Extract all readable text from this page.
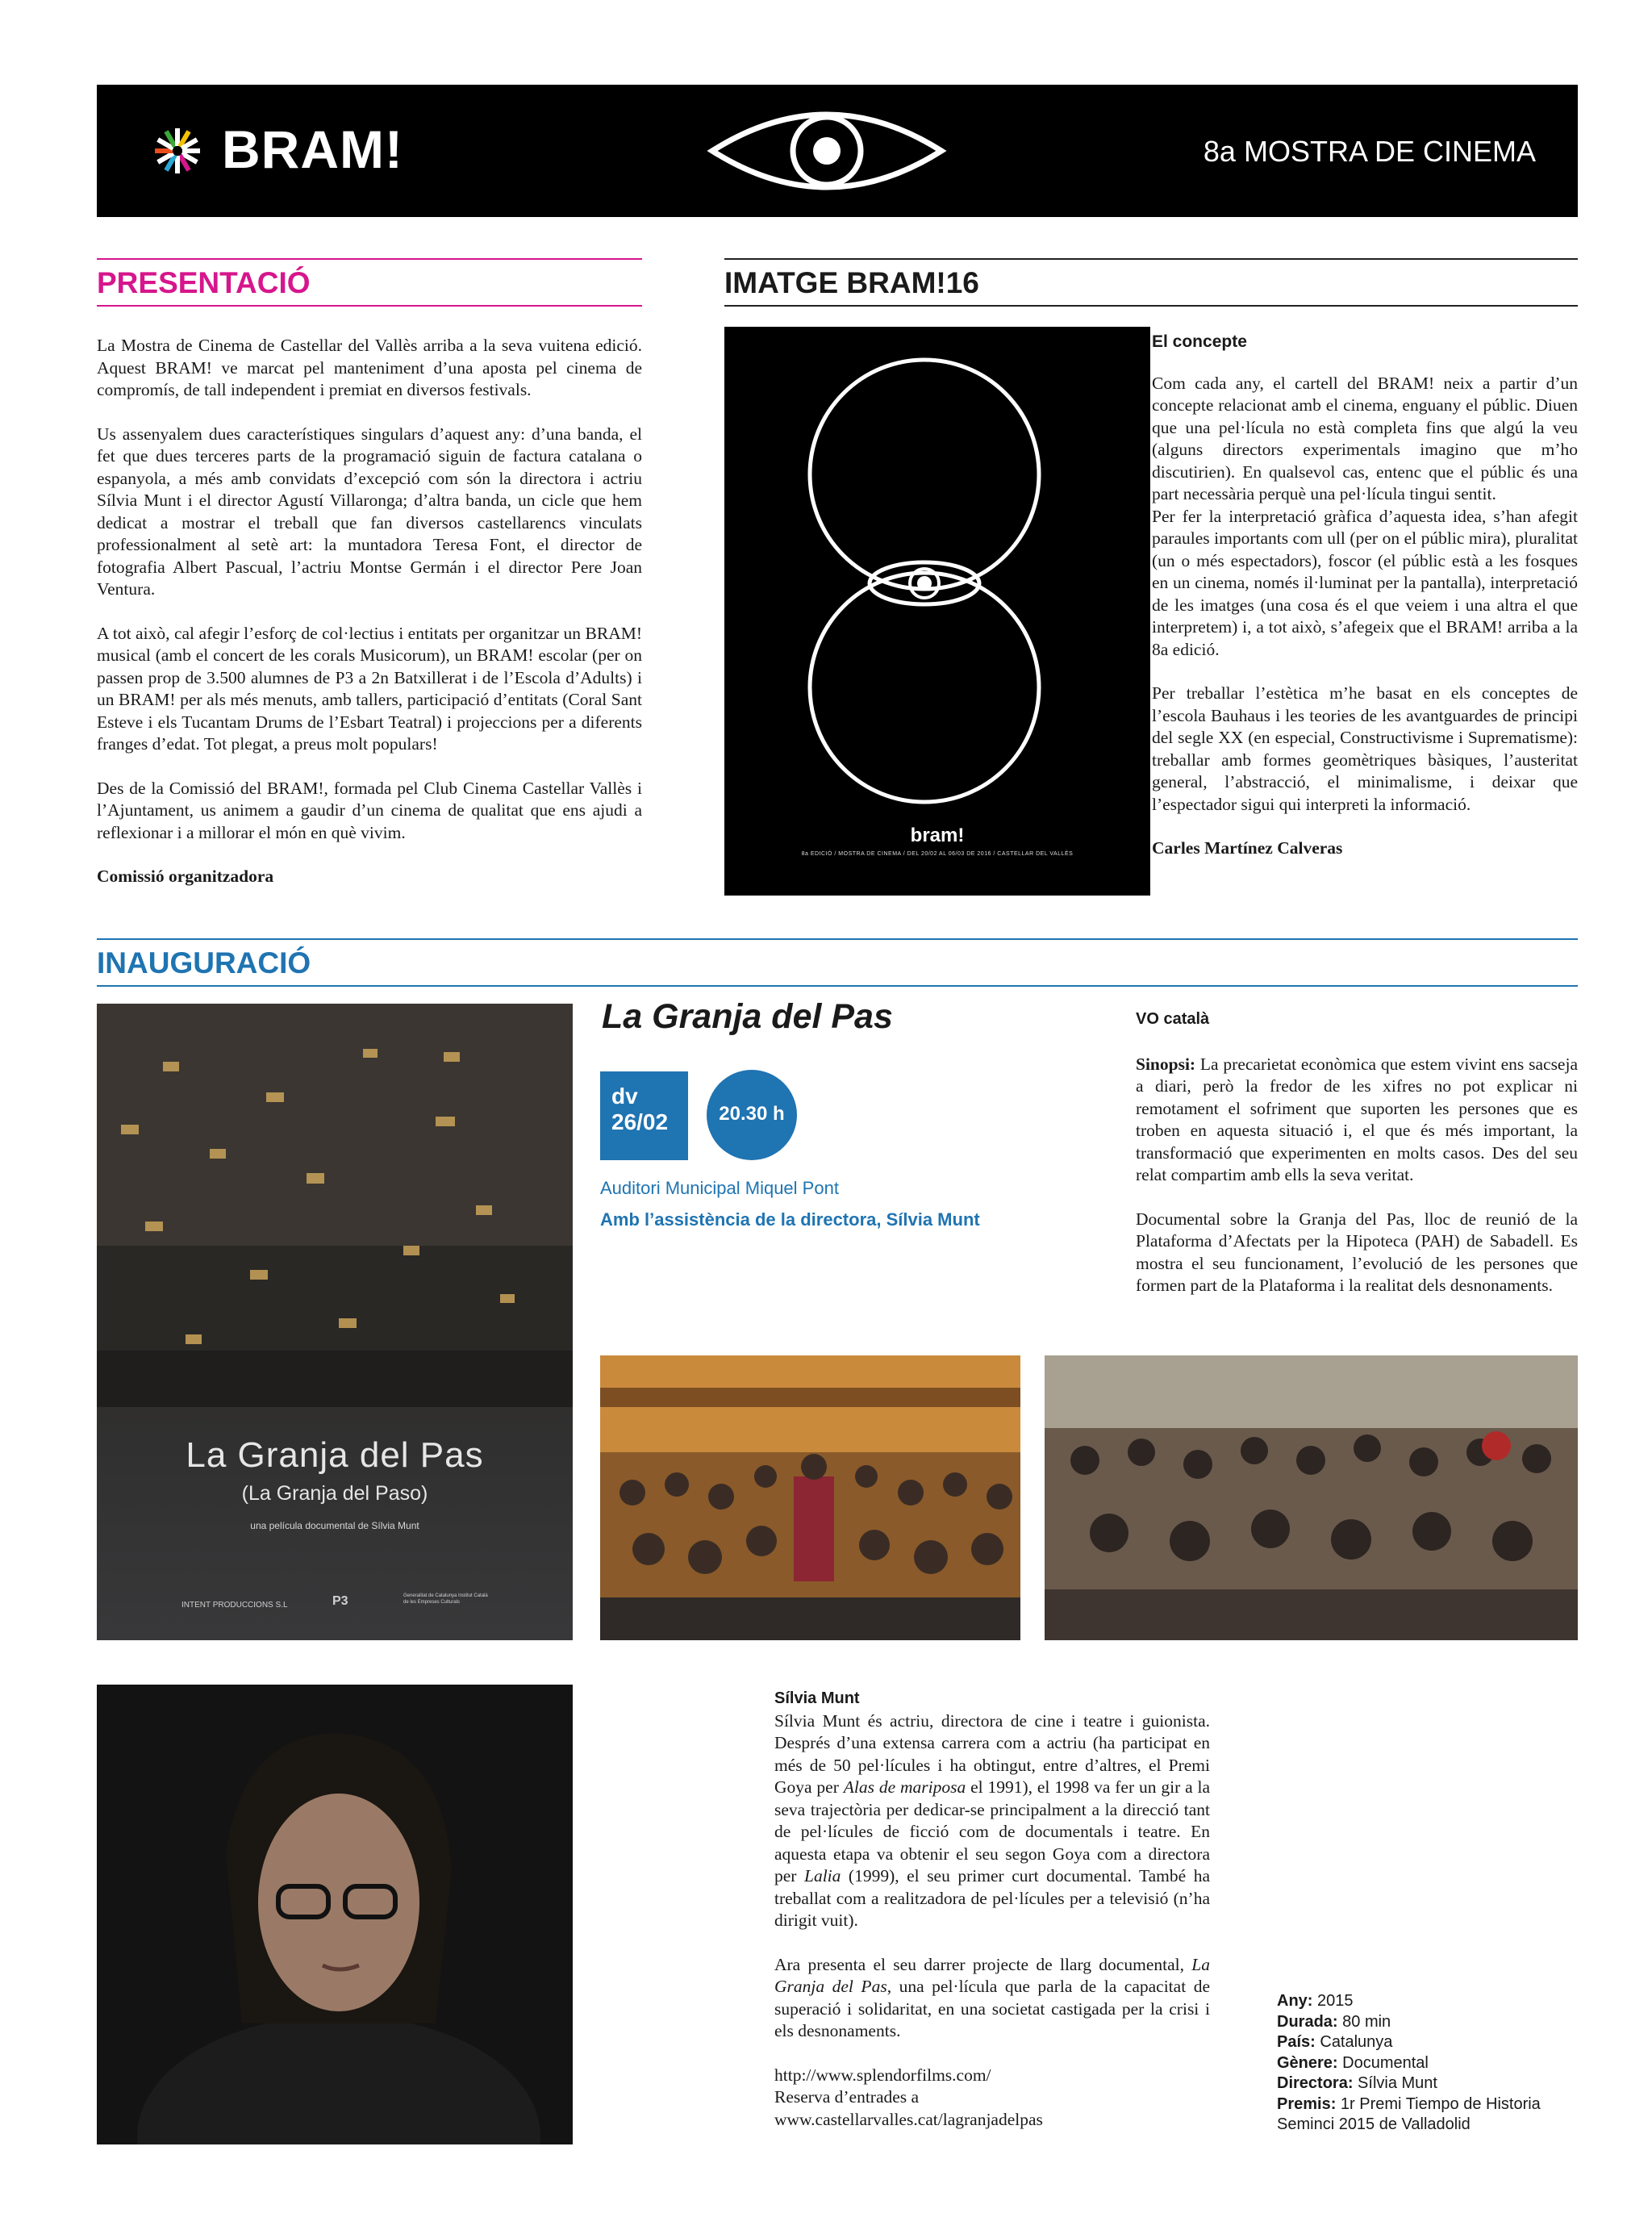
BRAM!	8a MOSTRA DE CINEMA
PRESENTACIÓ

La Mostra de Cinema de Castellar del Vallès arriba a la seva vuitena edició. Aquest BRAM! ve marcat pel manteniment d’una aposta pel cinema de compromís, de tall independent i premiat en diversos festivals.

Us assenyalem dues característiques singulars d’aquest any: d’una banda, el fet que dues terceres parts de la programació siguin de factura catalana o espanyola, a més amb convidats d’excepció com són la directora i actriu Sílvia Munt i el director Agustí Villaronga; d’altra banda, un cicle que hem dedicat a mostrar el treball que fan diversos castellarencs vinculats professionalment al setè art: la muntadora Teresa Font, el director de fotografia Albert Pascual, l’actriu Montse Germán i el director Pere Joan Ventura.

A tot això, cal afegir l’esforç de col·lectius i entitats per organitzar un BRAM! musical (amb el concert de les corals Musicorum), un BRAM! escolar (per on passen prop de 3.500 alumnes de P3 a 2n Batxillerat i de l’Escola d’Adults) i un BRAM! per als més menuts, amb tallers, participació d’entitats (Coral Sant Esteve i els Tucantam Drums de l’Esbart Teatral) i projeccions per a diferents franges d’edat. Tot plegat, a preus molt populars!

Des de la Comissió del BRAM!, formada pel Club Cinema Castellar Vallès i l’Ajuntament, us animem a gaudir d’un cinema de qualitat que ens ajudi a reflexionar i a millorar el món en què vivim.

Comissió organitzadora

IMATGE BRAM!16
bram!
8a EDICIÓ / MOSTRA DE CINEMA / DEL 20/02 AL 06/03 DE 2016 / CASTELLAR DEL VALLÈS

El concepte

Com cada any, el cartell del BRAM! neix a partir d’un concepte relacionat amb el cinema, enguany el públic. Diuen que una pel·lícula no està completa fins que algú la veu (alguns directors experimentals imagino que m’ho discutirien). En qualsevol cas, entenc que el públic és una part necessària perquè una pel·lícula tingui sentit.

Per fer la interpretació gràfica d’aquesta idea, s’han afegit paraules importants com ull (per on el públic mira), pluralitat (un o més espectadors), foscor (el públic està a les fosques en un cinema, només il·luminat per la pantalla), interpretació de les imatges (una cosa és el que veiem i una altra el que interpretem) i, a tot això, s’afegeix que el BRAM! arriba a la 8a edició.

Per treballar l’estètica m’he basat en els conceptes de l’escola Bauhaus i les teories de les avantguardes de principi del segle XX (en especial, Constructivisme i Suprematisme): treballar amb formes geomètriques bàsiques, l’austeritat general, l’abstracció, el minimalisme, i deixar que l’espectador sigui qui interpreti la informació.

Carles Martínez Calveras

INAUGURACIÓ
La Granja del Pas
(La Granja del Paso)
una película documental de Sílvia Munt
INTENT PRODUCCIONS S.L	P3	Generalitat de Catalunya Institut Català de les Empreses Culturals
La Granja del Pas
dv
26/02	20.30 h
Auditori Municipal Miquel Pont
Amb l’assistència de la directora, Sílvia Munt

VO català

Sinopsi: La precarietat econòmica que estem vivint ens sacseja a diari, però la fredor de les xifres no pot explicar ni remotament el sofriment que suporten les persones que es troben en aquesta situació i, el que és més important, la transformació que experimenten en molts casos. Des del seu relat compartim amb ells la seva veritat.

Documental sobre la Granja del Pas, lloc de reunió de la Plataforma d’Afectats per la Hipoteca (PAH) de Sabadell. Es mostra el seu funcionament, l’evolució de les persones que formen part de la Plataforma i la realitat dels desnonaments.

Sílvia Munt

Sílvia Munt és actriu, directora de cine i teatre i guionista. Després d’una extensa carrera com a actriu (ha participat en més de 50 pel·lícules i ha obtingut, entre d’altres, el Premi Goya per Alas de mariposa el 1991), el 1998 va fer un gir a la seva trajectòria per dedicar-se principalment a la direcció tant de pel·lícules de ficció com de documentals i teatre. En aquesta etapa va obtenir el seu segon Goya com a directora per Lalia (1999), el seu primer curt documental. També ha treballat com a realitzadora de pel·lícules per a televisió (n’ha dirigit vuit).

Ara presenta el seu darrer projecte de llarg documental, La Granja del Pas, una pel·lícula que parla de la capacitat de superació i solidaritat, en una societat castigada per la crisi i els desnonaments.

http://www.splendorfilms.com/

Reserva d’entrades a

www.castellarvalles.cat/lagranjadelpas

Any: 2015
Durada: 80 min
País: Catalunya
Gènere: Documental
Directora: Sílvia Munt
Premis: 1r Premi Tiempo de Historia Seminci 2015 de Valladolid
